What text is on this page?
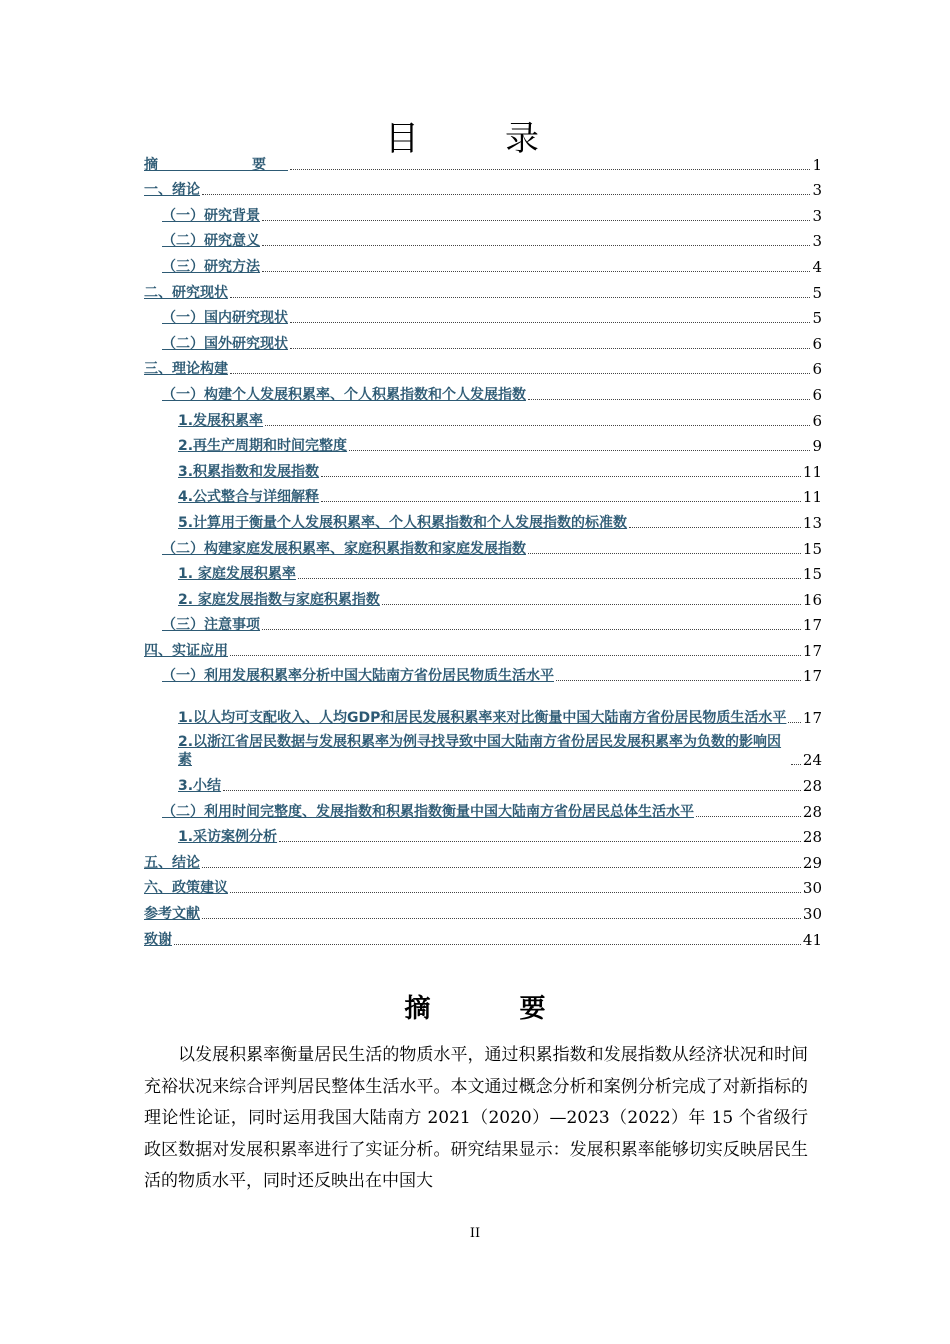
目　录
摘　　要	1
一、绪论	3
（一）研究背景	3
（二）研究意义	3
（三）研究方法	4
二、研究现状	5
（一）国内研究现状	5
（二）国外研究现状	6
三、理论构建	6
（一）构建个人发展积累率、个人积累指数和个人发展指数	6
1.发展积累率	6
2.再生产周期和时间完整度	9
3.积累指数和发展指数	11
4.公式整合与详细解释	11
5.计算用于衡量个人发展积累率、个人积累指数和个人发展指数的标准数	13
（二）构建家庭发展积累率、家庭积累指数和家庭发展指数	15
1. 家庭发展积累率	15
2. 家庭发展指数与家庭积累指数	16
（三）注意事项	17
四、实证应用	17
（一）利用发展积累率分析中国大陆南方省份居民物质生活水平	17
1.以人均可支配收入、人均GDP和居民发展积累率来对比衡量中国大陆南方省份居民物质生活水平 17
2.以浙江省居民数据与发展积累率为例寻找导致中国大陆南方省份居民发展积累率为负数的影响因素	24
3.小结	28
（二）利用时间完整度、发展指数和积累指数衡量中国大陆南方省份居民总体生活水平	28
1.采访案例分析	28
五、结论	29
六、政策建议	30
参考文献	30
致谢	41
摘 要

以发展积累率衡量居民生活的物质水平，通过积累指数和发展指数从经济状况和时间充裕状况来综合评判居民整体生活水平。本文通过概念分析和案例分析完成了对新指标的理论性论证，同时运用我国大陆南方 2021（2020）—2023（2022）年 15 个省级行政区数据对发展积累率进行了实证分析。研究结果显示：发展积累率能够切实反映居民生活的物质水平，同时还反映出在中国大

II
